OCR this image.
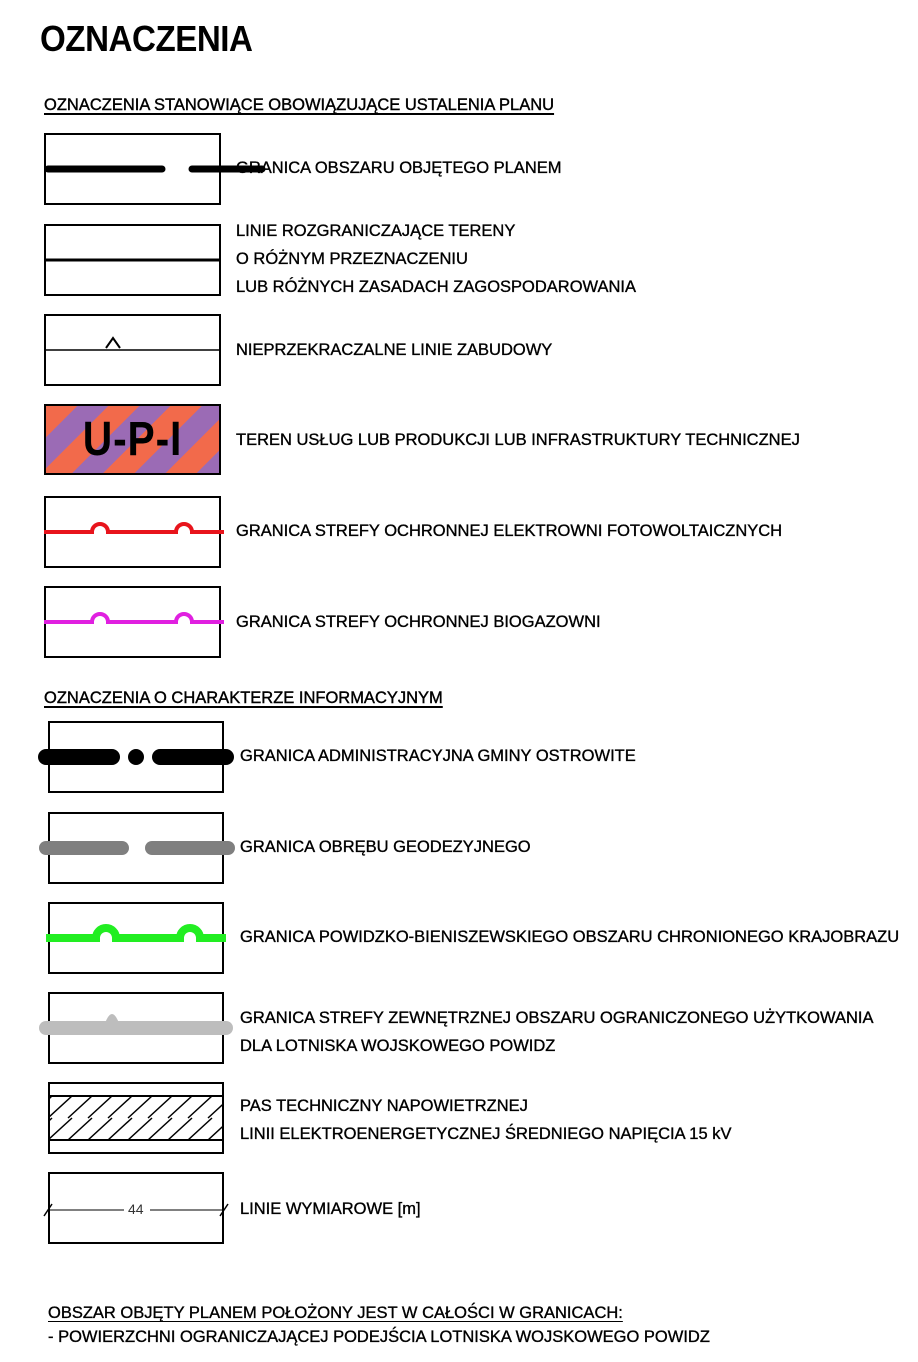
OZNACZENIA
OZNACZENIA STANOWIĄCE OBOWIĄZUJĄCE USTALENIA PLANU
GRANICA OBSZARU OBJĘTEGO PLANEM
LINIE ROZGRANICZAJĄCE TERENY
O RÓŻNYM PRZEZNACZENIU
LUB RÓŻNYCH ZASADACH ZAGOSPODAROWANIA
NIEPRZEKRACZALNE LINIE ZABUDOWY
U-P-I	TEREN USŁUG LUB PRODUKCJI LUB INFRASTRUKTURY TECHNICZNEJ
GRANICA STREFY OCHRONNEJ ELEKTROWNI FOTOWOLTAICZNYCH
GRANICA STREFY OCHRONNEJ BIOGAZOWNI
OZNACZENIA O CHARAKTERZE INFORMACYJNYM
GRANICA ADMINISTRACYJNA GMINY OSTROWITE
GRANICA OBRĘBU GEODEZYJNEGO
GRANICA POWIDZKO-BIENISZEWSKIEGO OBSZARU CHRONIONEGO KRAJOBRAZU
GRANICA STREFY ZEWNĘTRZNEJ OBSZARU OGRANICZONEGO UŻYTKOWANIA
DLA LOTNISKA WOJSKOWEGO POWIDZ
PAS TECHNICZNY NAPOWIETRZNEJ
LINII ELEKTROENERGETYCZNEJ ŚREDNIEGO NAPIĘCIA 15 kV
44	LINIE WYMIAROWE [m]
OBSZAR OBJĘTY PLANEM POŁOŻONY JEST W CAŁOŚCI W GRANICACH:
- POWIERZCHNI OGRANICZAJĄCEJ PODEJŚCIA LOTNISKA WOJSKOWEGO POWIDZ
